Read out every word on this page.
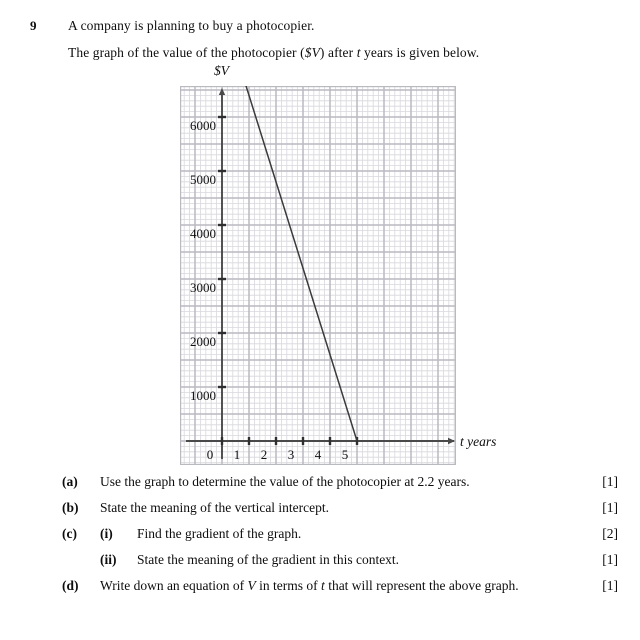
9 A company is planning to buy a photocopier.
The graph of the value of the photocopier ($V) after t years is given below.
$V
t years
1000
2000
3000
4000
5000
6000
0 1 2 3 4 5
(a) Use the graph to determine the value of the photocopier at 2.2 years.	[1]
(b) State the meaning of the vertical intercept.	[1]
(c) (i) Find the gradient of the graph.	[2]
(ii) State the meaning of the gradient in this context.	[1]
(d) Write down an equation of V in terms of t that will represent the above graph.	[1]
